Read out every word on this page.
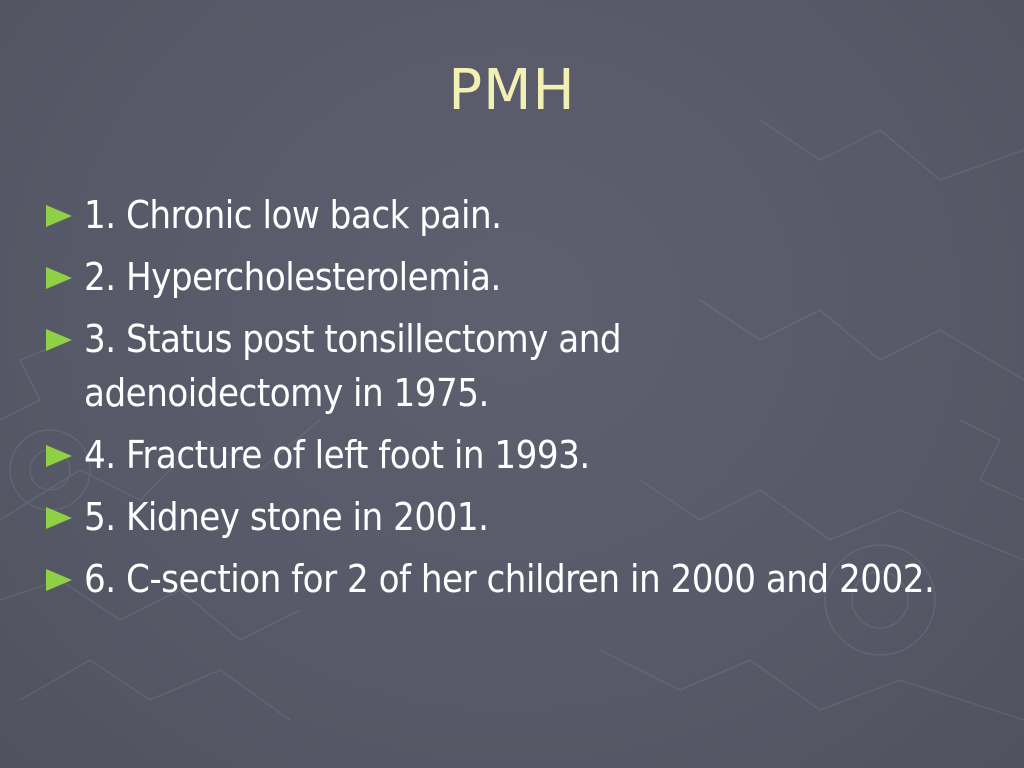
PMH
1. Chronic low back pain.
2. Hypercholesterolemia.
3. Status post tonsillectomy and adenoidectomy in 1975.
4. Fracture of left foot in 1993.
5. Kidney stone in 2001.
6. C-section for 2 of her children in 2000 and 2002.
